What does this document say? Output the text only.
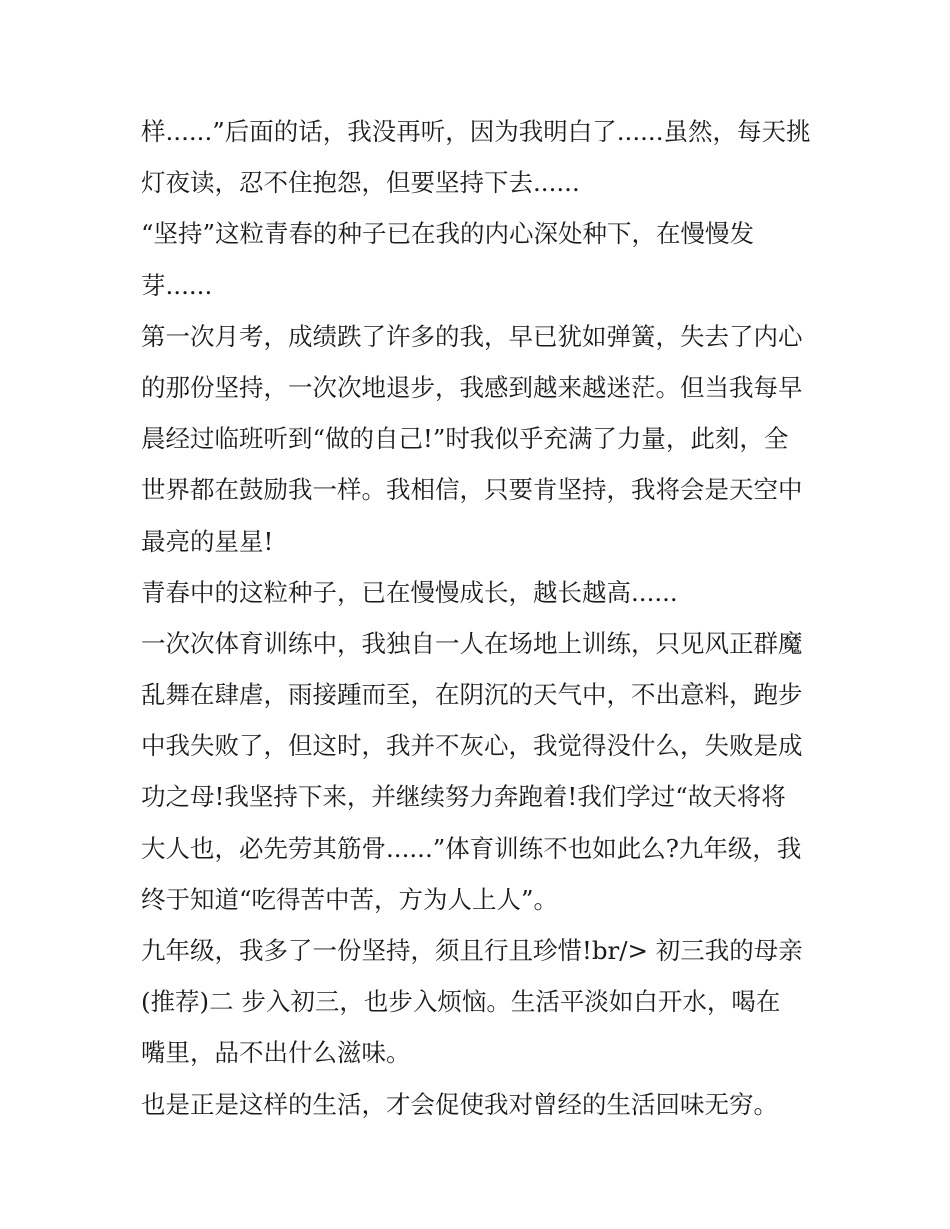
样......”后面的话，我没再听，因为我明白了......虽然，每天挑
灯夜读，忍不住抱怨，但要坚持下去......
“坚持”这粒青春的种子已在我的内心深处种下，在慢慢发
芽......
第一次月考，成绩跌了许多的我，早已犹如弹簧，失去了内心
的那份坚持，一次次地退步，我感到越来越迷茫。但当我每早
晨经过临班听到“做的自己!”时我似乎充满了力量，此刻，全
世界都在鼓励我一样。我相信，只要肯坚持，我将会是天空中
最亮的星星!
青春中的这粒种子，已在慢慢成长，越长越高......
一次次体育训练中，我独自一人在场地上训练，只见风正群魔
乱舞在肆虐，雨接踵而至，在阴沉的天气中，不出意料，跑步
中我失败了，但这时，我并不灰心，我觉得没什么，失败是成
功之母!我坚持下来，并继续努力奔跑着!我们学过“故天将将
大人也，必先劳其筋骨......”体育训练不也如此么?九年级，我
终于知道“吃得苦中苦，方为人上人”。
九年级，我多了一份坚持，须且行且珍惜!br/> 初三我的母亲
(推荐)二 步入初三，也步入烦恼。生活平淡如白开水，喝在
嘴里，品不出什么滋味。
也是正是这样的生活，才会促使我对曾经的生活回味无穷。
